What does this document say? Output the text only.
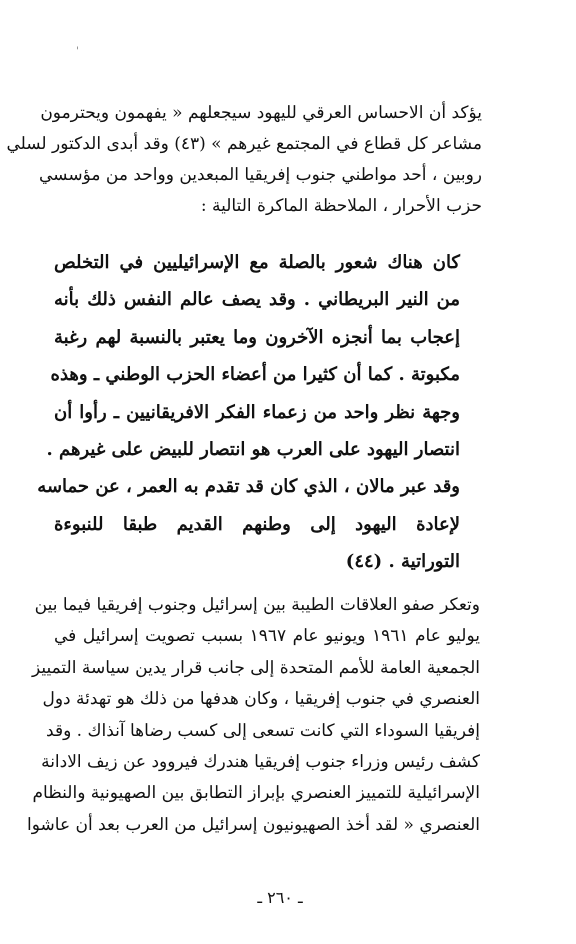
'
يؤكد أن الاحساس العرقي لليهود سيجعلهم « يفهمون ويحترمون
مشاعر كل قطاع في المجتمع غيرهم » (٤٣) وقد أبدى الدكتور لسلي
روبين ، أحد مواطني جنوب إفريقيا المبعدين وواحد من مؤسسي
حزب الأحرار ، الملاحظة الماكرة التالية :
كان هناك شعور بالصلة مع الإسرائيليين في التخلص
من النير البريطاني . وقد يصف عالم النفس ذلك بأنه
إعجاب بما أنجزه الآخرون وما يعتبر بالنسبة لهم رغبة
مكبوتة . كما أن كثيرا من أعضاء الحزب الوطني ـ وهذه
وجهة نظر واحد من زعماء الفكر الافريقانيين ـ رأوا أن
انتصار اليهود على العرب هو انتصار للبيض على غيرهم .
وقد عبر مالان ، الذي كان قد تقدم به العمر ، عن حماسه
لإعادة اليهود إلى وطنهم القديم طبقا للنبوءة
التوراتية . (٤٤)
وتعكر صفو العلاقات الطيبة بين إسرائيل وجنوب إفريقيا فيما بين
يوليو عام ١٩٦١ ويونيو عام ١٩٦٧ بسبب تصويت إسرائيل في
الجمعية العامة للأمم المتحدة إلى جانب قرار يدين سياسة التمييز
العنصري في جنوب إفريقيا ، وكان هدفها من ذلك هو تهدئة دول
إفريقيا السوداء التي كانت تسعى إلى كسب رضاها آنذاك . وقد
كشف رئيس وزراء جنوب إفريقيا هندرك فيروود عن زيف الادانة
الإسرائيلية للتمييز العنصري بإبراز التطابق بين الصهيونية والنظام
العنصري « لقد أخذ الصهيونيون إسرائيل من العرب بعد أن عاشوا
ـ ٢٦٠ ـ
